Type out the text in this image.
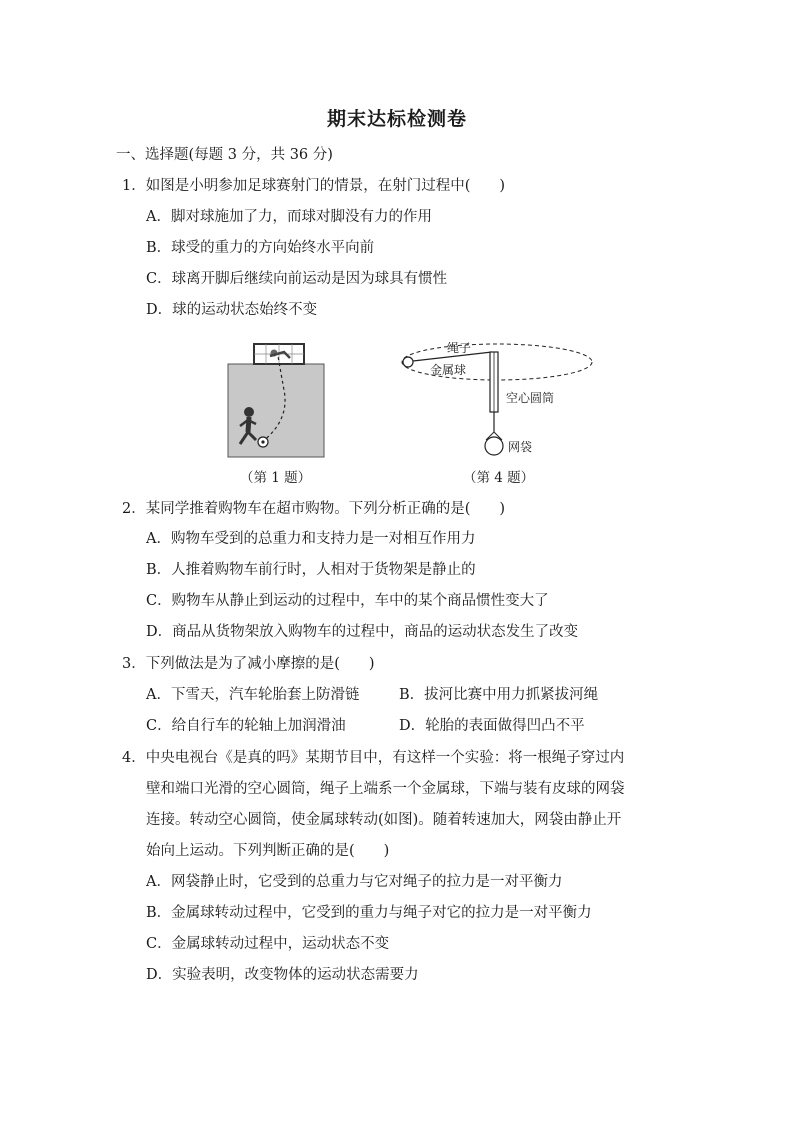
期末达标检测卷
一、选择题(每题 3 分，共 36 分)
1．如图是小明参加足球赛射门的情景，在射门过程中(　　)
A．脚对球施加了力，而球对脚没有力的作用
B．球受的重力的方向始终水平向前
C．球离开脚后继续向前运动是因为球具有惯性
D．球的运动状态始终不变
（第 1 题）
绳子
金属球
空心圆筒
网袋
（第 4 题）
2．某同学推着购物车在超市购物。下列分析正确的是(　　)
A．购物车受到的总重力和支持力是一对相互作用力
B．人推着购物车前行时，人相对于货物架是静止的
C．购物车从静止到运动的过程中，车中的某个商品惯性变大了
D．商品从货物架放入购物车的过程中，商品的运动状态发生了改变
3．下列做法是为了减小摩擦的是(　　)
A．下雪天，汽车轮胎套上防滑链	B．拔河比赛中用力抓紧拔河绳
C．给自行车的轮轴上加润滑油	D．轮胎的表面做得凹凸不平
4．中央电视台《是真的吗》某期节目中，有这样一个实验：将一根绳子穿过内
壁和端口光滑的空心圆筒，绳子上端系一个金属球，下端与装有皮球的网袋
连接。转动空心圆筒，使金属球转动(如图)。随着转速加大，网袋由静止开
始向上运动。下列判断正确的是(　　)
A．网袋静止时，它受到的总重力与它对绳子的拉力是一对平衡力
B．金属球转动过程中，它受到的重力与绳子对它的拉力是一对平衡力
C．金属球转动过程中，运动状态不变
D．实验表明，改变物体的运动状态需要力
